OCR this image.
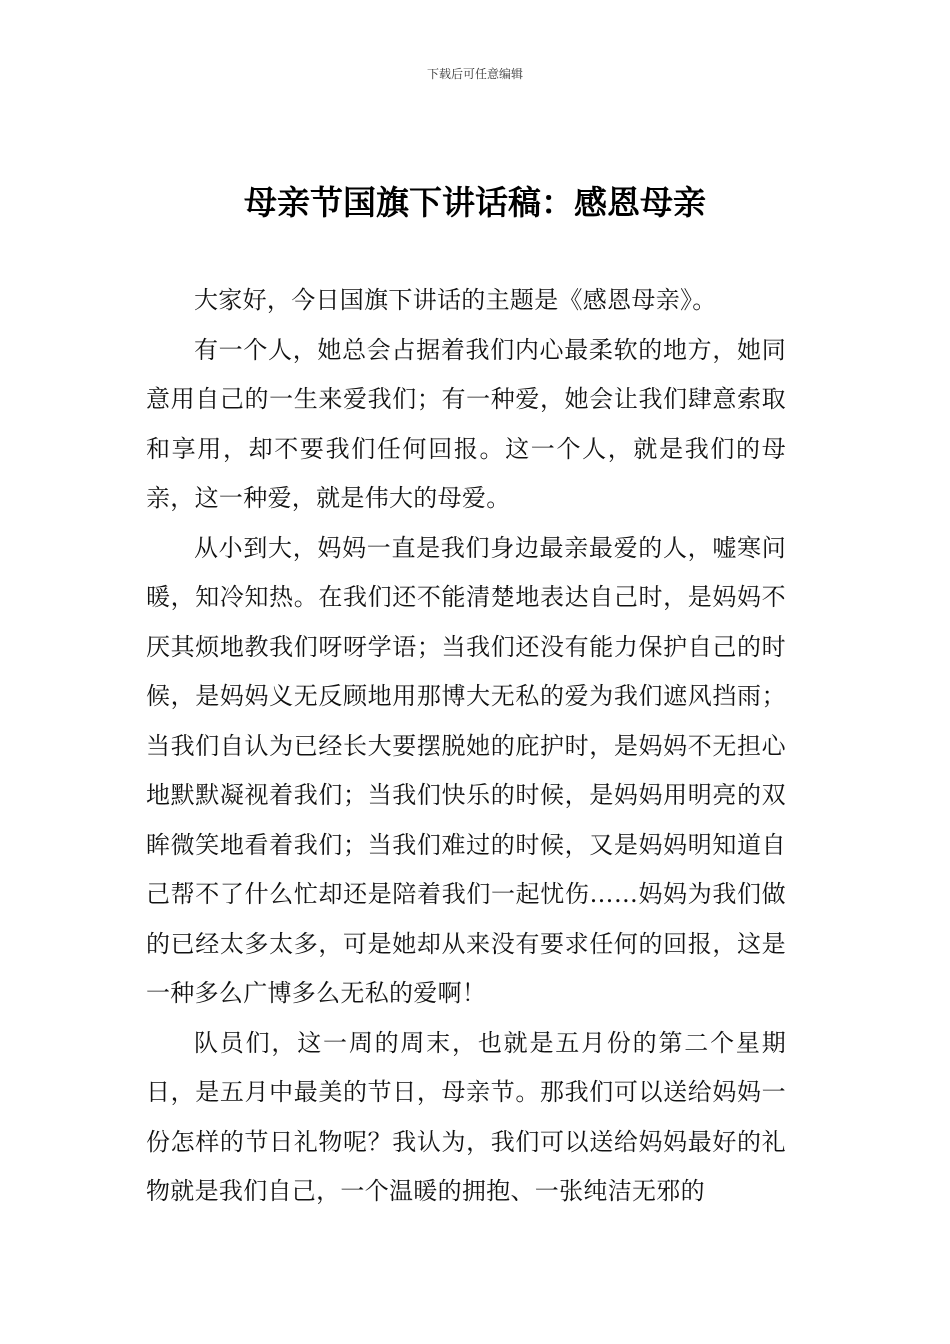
下载后可任意编辑
母亲节国旗下讲话稿：感恩母亲

大家好，今日国旗下讲话的主题是《感恩母亲》。

有一个人，她总会占据着我们内心最柔软的地方，她同意用自己的一生来爱我们；有一种爱，她会让我们肆意索取和享用，却不要我们任何回报。这一个人，就是我们的母亲，这一种爱，就是伟大的母爱。

从小到大，妈妈一直是我们身边最亲最爱的人，嘘寒问暖，知冷知热。在我们还不能清楚地表达自己时，是妈妈不厌其烦地教我们呀呀学语；当我们还没有能力保护自己的时候，是妈妈义无反顾地用那博大无私的爱为我们遮风挡雨；当我们自认为已经长大要摆脱她的庇护时，是妈妈不无担心地默默凝视着我们；当我们快乐的时候，是妈妈用明亮的双眸微笑地看着我们；当我们难过的时候，又是妈妈明知道自己帮不了什么忙却还是陪着我们一起忧伤……妈妈为我们做的已经太多太多，可是她却从来没有要求任何的回报，这是一种多么广博多么无私的爱啊！

队员们，这一周的周末，也就是五月份的第二个星期日，是五月中最美的节日，母亲节。那我们可以送给妈妈一份怎样的节日礼物呢？我认为，我们可以送给妈妈最好的礼物就是我们自己，一个温暖的拥抱、一张纯洁无邪的
